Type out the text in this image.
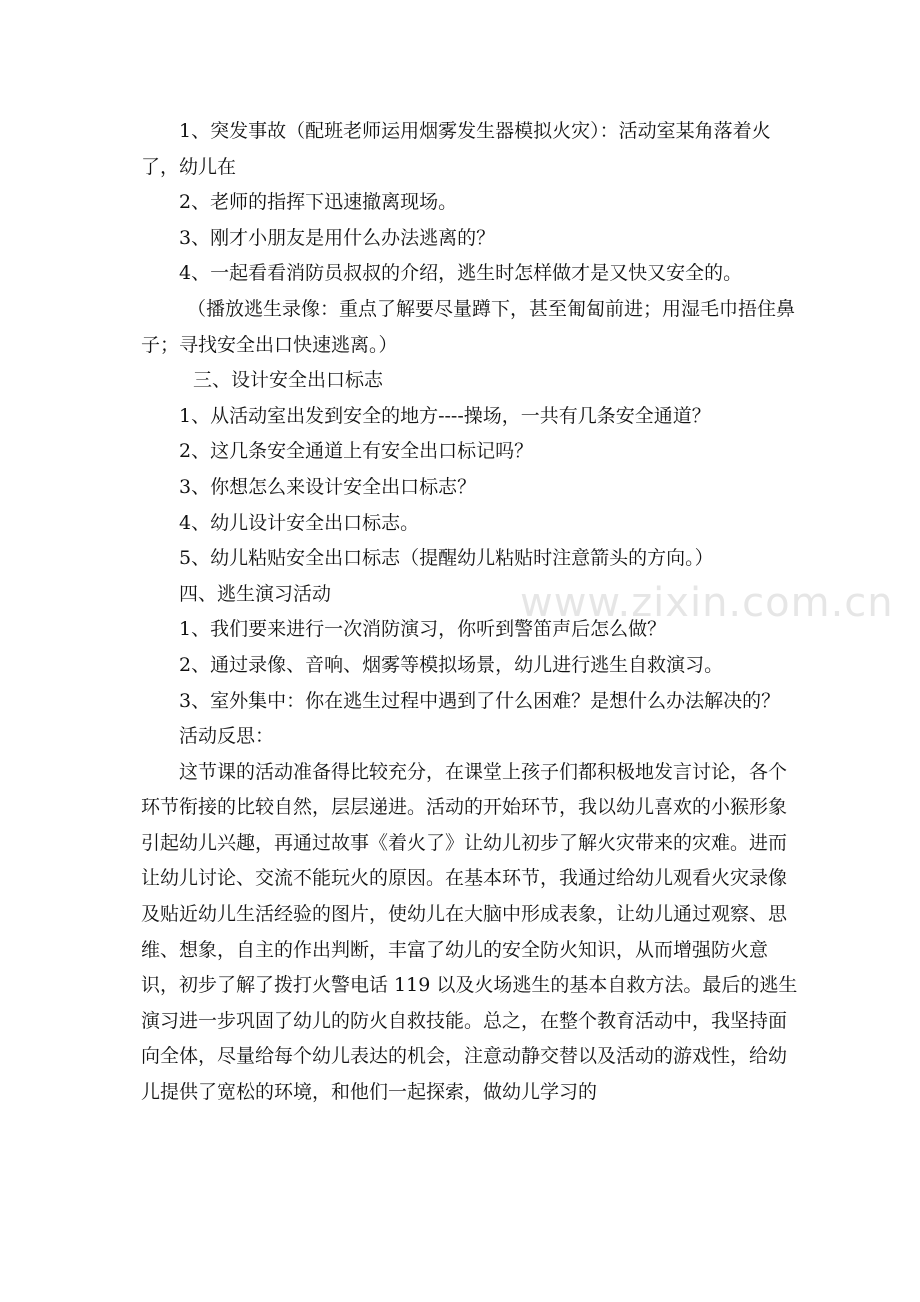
www.zixin.com.cn

1、突发事故（配班老师运用烟雾发生器模拟火灾）：活动室某角落着火了，幼儿在

2、老师的指挥下迅速撤离现场。

3、刚才小朋友是用什么办法逃离的？

4、一起看看消防员叔叔的介绍，逃生时怎样做才是又快又安全的。

（播放逃生录像：重点了解要尽量蹲下，甚至匍匐前进；用湿毛巾捂住鼻子；寻找安全出口快速逃离。）

三、设计安全出口标志

1、从活动室出发到安全的地方----操场，一共有几条安全通道？

2、这几条安全通道上有安全出口标记吗？

3、你想怎么来设计安全出口标志？

4、幼儿设计安全出口标志。

5、幼儿粘贴安全出口标志（提醒幼儿粘贴时注意箭头的方向。）

四、逃生演习活动

1、我们要来进行一次消防演习，你听到警笛声后怎么做？

2、通过录像、音响、烟雾等模拟场景，幼儿进行逃生自救演习。

3、室外集中：你在逃生过程中遇到了什么困难？是想什么办法解决的？

活动反思：

这节课的活动准备得比较充分，在课堂上孩子们都积极地发言讨论，各个环节衔接的比较自然，层层递进。活动的开始环节，我以幼儿喜欢的小猴形象引起幼儿兴趣，再通过故事《着火了》让幼儿初步了解火灾带来的灾难。进而让幼儿讨论、交流不能玩火的原因。在基本环节，我通过给幼儿观看火灾录像及贴近幼儿生活经验的图片，使幼儿在大脑中形成表象，让幼儿通过观察、思维、想象，自主的作出判断，丰富了幼儿的安全防火知识，从而增强防火意识，初步了解了拨打火警电话 119 以及火场逃生的基本自救方法。最后的逃生演习进一步巩固了幼儿的防火自救技能。总之，在整个教育活动中，我坚持面向全体，尽量给每个幼儿表达的机会，注意动静交替以及活动的游戏性，给幼儿提供了宽松的环境，和他们一起探索，做幼儿学习的
